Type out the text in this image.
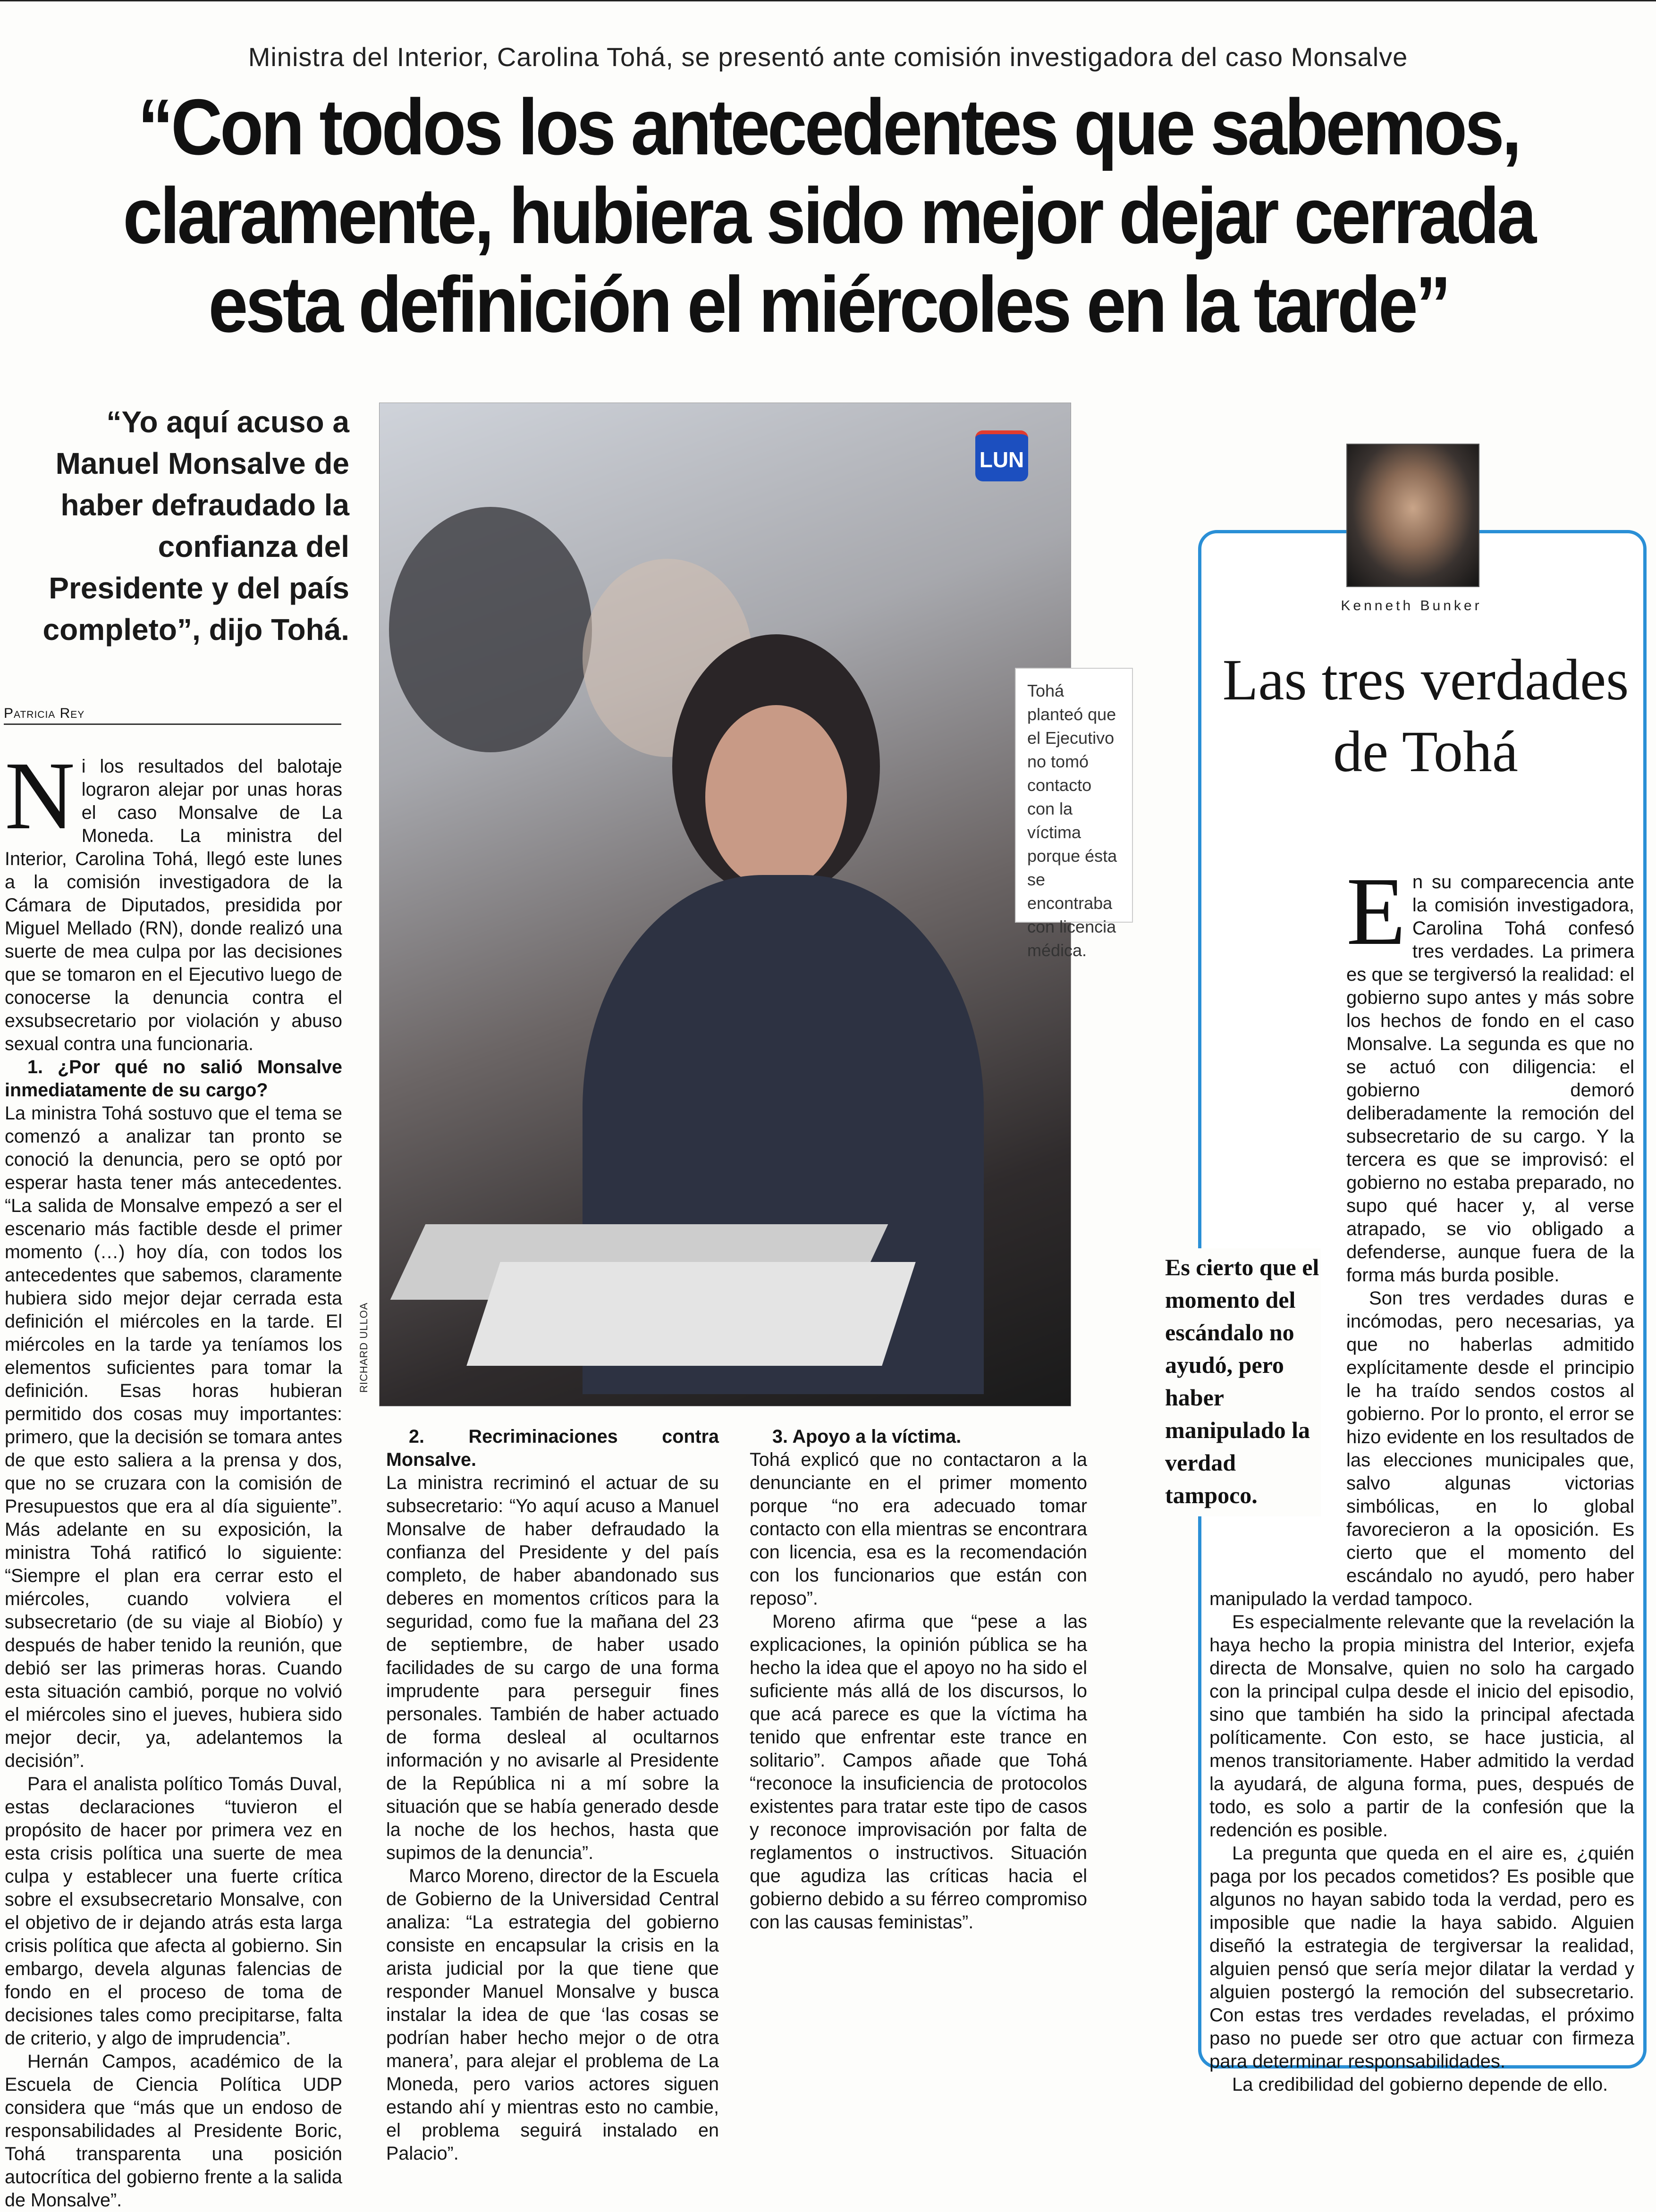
Ministra del Interior, Carolina Tohá, se presentó ante comisión investigadora del caso Monsalve
“Con todos los antecedentes que sabemos, claramente, hubiera sido mejor dejar cerrada esta definición el miércoles en la tarde”
“Yo aquí acuso a Manuel Monsalve de haber defraudado la confianza del Presidente y del país completo”, dijo Tohá.
Patricia Rey
N i los resultados del balotaje lograron alejar por unas horas el caso Monsalve de La Moneda. La ministra del Interior, Carolina Tohá, llegó este lunes a la comisión investigadora de la Cámara de Diputados, presidida por Miguel Mellado (RN), donde realizó una suerte de mea culpa por las decisiones que se tomaron en el Ejecutivo luego de conocerse la denuncia contra el exsubsecretario por violación y abuso sexual contra una funcionaria.

1. ¿Por qué no salió Monsalve inmediatamente de su cargo?

La ministra Tohá sostuvo que el tema se comenzó a analizar tan pronto se conoció la denuncia, pero se optó por esperar hasta tener más antecedentes. “La salida de Monsalve empezó a ser el escenario más factible desde el primer momento (…) hoy día, con todos los antecedentes que sabemos, claramente hubiera sido mejor dejar cerrada esta definición el miércoles en la tarde. El miércoles en la tarde ya teníamos los elementos suficientes para tomar la definición. Esas horas hubieran permitido dos cosas muy importantes: primero, que la decisión se tomara antes de que esto saliera a la prensa y dos, que no se cruzara con la comisión de Presupuestos que era al día siguiente”. Más adelante en su exposición, la ministra Tohá ratificó lo siguiente: “Siempre el plan era cerrar esto el miércoles, cuando volviera el subsecretario (de su viaje al Biobío) y después de haber tenido la reunión, que debió ser las primeras horas. Cuando esta situación cambió, porque no volvió el miércoles sino el jueves, hubiera sido mejor decir, ya, adelantemos la decisión”.

Para el analista político Tomás Duval, estas declaraciones “tuvieron el propósito de hacer por primera vez en esta crisis política una suerte de mea culpa y establecer una fuerte crítica sobre el exsubsecretario Monsalve, con el objetivo de ir dejando atrás esta larga crisis política que afecta al gobierno. Sin embargo, devela algunas falencias de fondo en el proceso de toma de decisiones tales como precipitarse, falta de criterio, y algo de imprudencia”.

Hernán Campos, académico de la Escuela de Ciencia Política UDP considera que “más que un endoso de responsabilidades al Presidente Boric, Tohá transparenta una posición autocrítica del gobierno frente a la salida de Monsalve”.

LUN
RICHARD ULLOA
Tohá planteó que el Ejecutivo no tomó contacto con la víctima porque ésta se encontraba con licencia médica.

2. Recriminaciones contra Monsalve.

La ministra recriminó el actuar de su subsecretario: “Yo aquí acuso a Manuel Monsalve de haber defraudado la confianza del Presidente y del país completo, de haber abandonado sus deberes en momentos críticos para la seguridad, como fue la mañana del 23 de septiembre, de haber usado facilidades de su cargo de una forma imprudente para perseguir fines personales. También de haber actuado de forma desleal al ocultarnos información y no avisarle al Presidente de la República ni a mí sobre la situación que se había generado desde la noche de los hechos, hasta que supimos de la denuncia”.

Marco Moreno, director de la Escuela de Gobierno de la Universidad Central analiza: “La estrategia del gobierno consiste en encapsular la crisis en la arista judicial por la que tiene que responder Manuel Monsalve y busca instalar la idea de que ‘las cosas se podrían haber hecho mejor o de otra manera’, para alejar el problema de La Moneda, pero varios actores siguen estando ahí y mientras esto no cambie, el problema seguirá instalado en Palacio”.

3. Apoyo a la víctima.

Tohá explicó que no contactaron a la denunciante en el primer momento porque “no era adecuado tomar contacto con ella mientras se encontrara con licencia, esa es la recomendación con los funcionarios que están con reposo”.

Moreno afirma que “pese a las explicaciones, la opinión pública se ha hecho la idea que el apoyo no ha sido el suficiente más allá de los discursos, lo que acá parece es que la víctima ha tenido que enfrentar este trance en solitario”. Campos añade que Tohá “reconoce la insuficiencia de protocolos existentes para tratar este tipo de casos y reconoce improvisación por falta de reglamentos o instructivos. Situación que agudiza las críticas hacia el gobierno debido a su férreo compromiso con las causas feministas”.

Kenneth Bunker
Las tres verdades de Tohá
E n su comparecencia ante la comisión investigadora, Carolina Tohá confesó tres verdades. La primera es que se tergiversó la realidad: el gobierno supo antes y más sobre los hechos de fondo en el caso Monsalve. La segunda es que no se actuó con diligencia: el gobierno demoró deliberadamente la remoción del subsecretario de su cargo. Y la tercera es que se improvisó: el gobierno no estaba preparado, no supo qué hacer y, al verse atrapado, se vio obligado a defenderse, aunque fuera de la forma más burda posible.

Son tres verdades duras e incómodas, pero necesarias, ya que no haberlas admitido explícitamente desde el principio le ha traído sendos costos al gobierno. Por lo pronto, el error se hizo evidente en los resultados de las elecciones municipales que, salvo algunas victorias simbólicas, en lo global favorecieron a la oposición. Es cierto que el momento del escándalo no ayudó, pero haber manipulado la verdad tampoco.

Es especialmente relevante que la revelación la haya hecho la propia ministra del Interior, exjefa directa de Monsalve, quien no solo ha cargado con la principal culpa desde el inicio del episodio, sino que también ha sido la principal afectada políticamente. Con esto, se hace justicia, al menos transitoriamente. Haber admitido la verdad la ayudará, de alguna forma, pues, después de todo, es solo a partir de la confesión que la redención es posible.

La pregunta que queda en el aire es, ¿quién paga por los pecados cometidos? Es posible que algunos no hayan sabido toda la verdad, pero es imposible que nadie la haya sabido. Alguien diseñó la estrategia de tergiversar la realidad, alguien pensó que sería mejor dilatar la verdad y alguien postergó la remoción del subsecretario. Con estas tres verdades reveladas, el próximo paso no puede ser otro que actuar con firmeza para determinar responsabilidades.

La credibilidad del gobierno depende de ello.

Es cierto que el momento del escándalo no ayudó, pero haber manipulado la verdad tampoco.
